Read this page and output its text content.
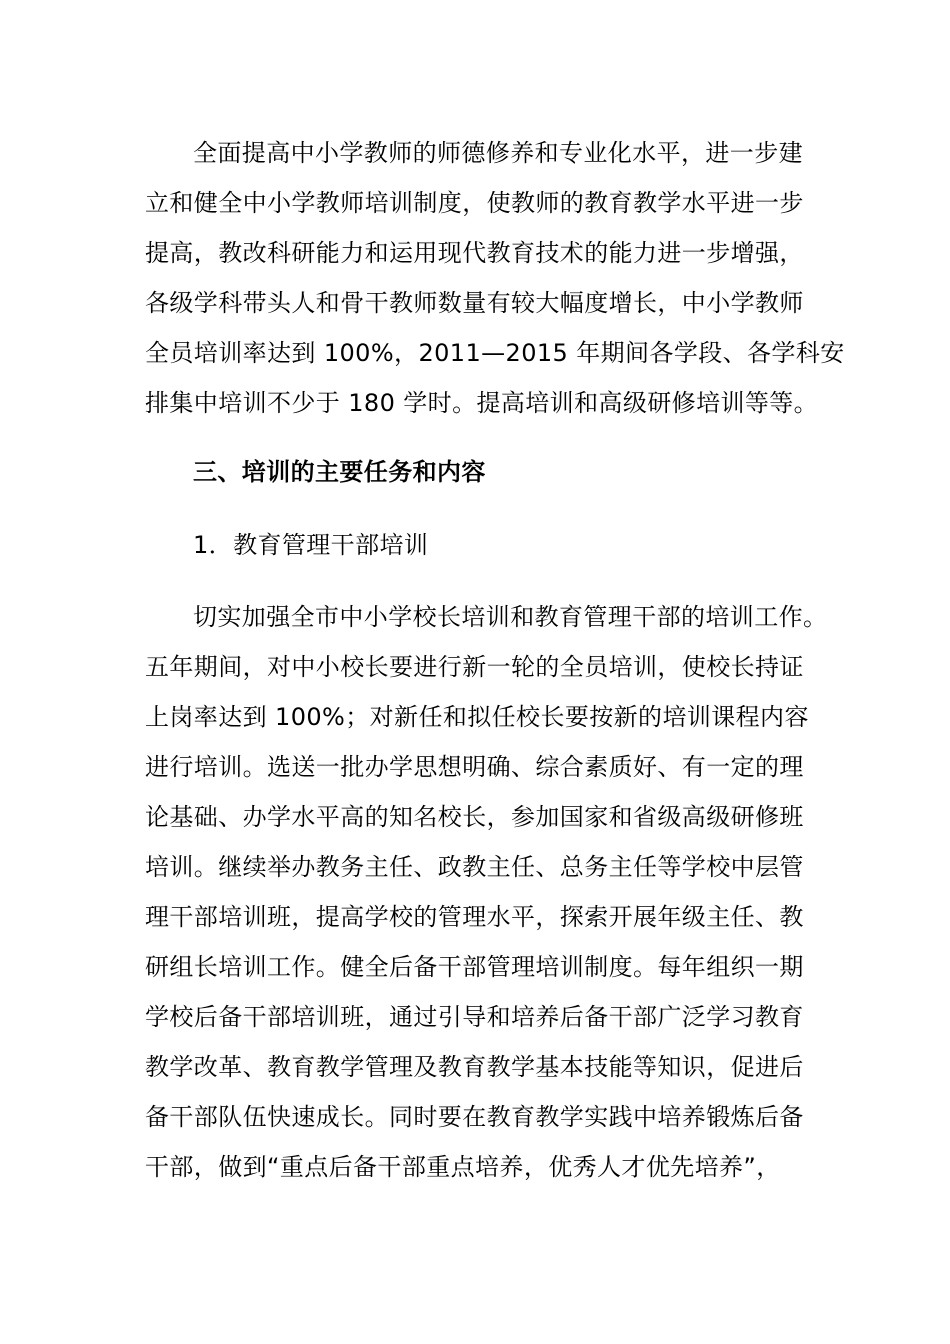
全面提高中小学教师的师德修养和专业化水平，进一步建
立和健全中小学教师培训制度，使教师的教育教学水平进一步
提高，教改科研能力和运用现代教育技术的能力进一步增强，
各级学科带头人和骨干教师数量有较大幅度增长，中小学教师
全员培训率达到 100%，2011—2015 年期间各学段、各学科安
排集中培训不少于 180 学时。提高培训和高级研修培训等等。
三、培训的主要任务和内容
1．教育管理干部培训
切实加强全市中小学校长培训和教育管理干部的培训工作。
五年期间，对中小校长要进行新一轮的全员培训，使校长持证
上岗率达到 100%；对新任和拟任校长要按新的培训课程内容
进行培训。选送一批办学思想明确、综合素质好、有一定的理
论基础、办学水平高的知名校长，参加国家和省级高级研修班
培训。继续举办教务主任、政教主任、总务主任等学校中层管
理干部培训班，提高学校的管理水平，探索开展年级主任、教
研组长培训工作。健全后备干部管理培训制度。每年组织一期
学校后备干部培训班，通过引导和培养后备干部广泛学习教育
教学改革、教育教学管理及教育教学基本技能等知识，促进后
备干部队伍快速成长。同时要在教育教学实践中培养锻炼后备
干部，做到“重点后备干部重点培养，优秀人才优先培养”，
